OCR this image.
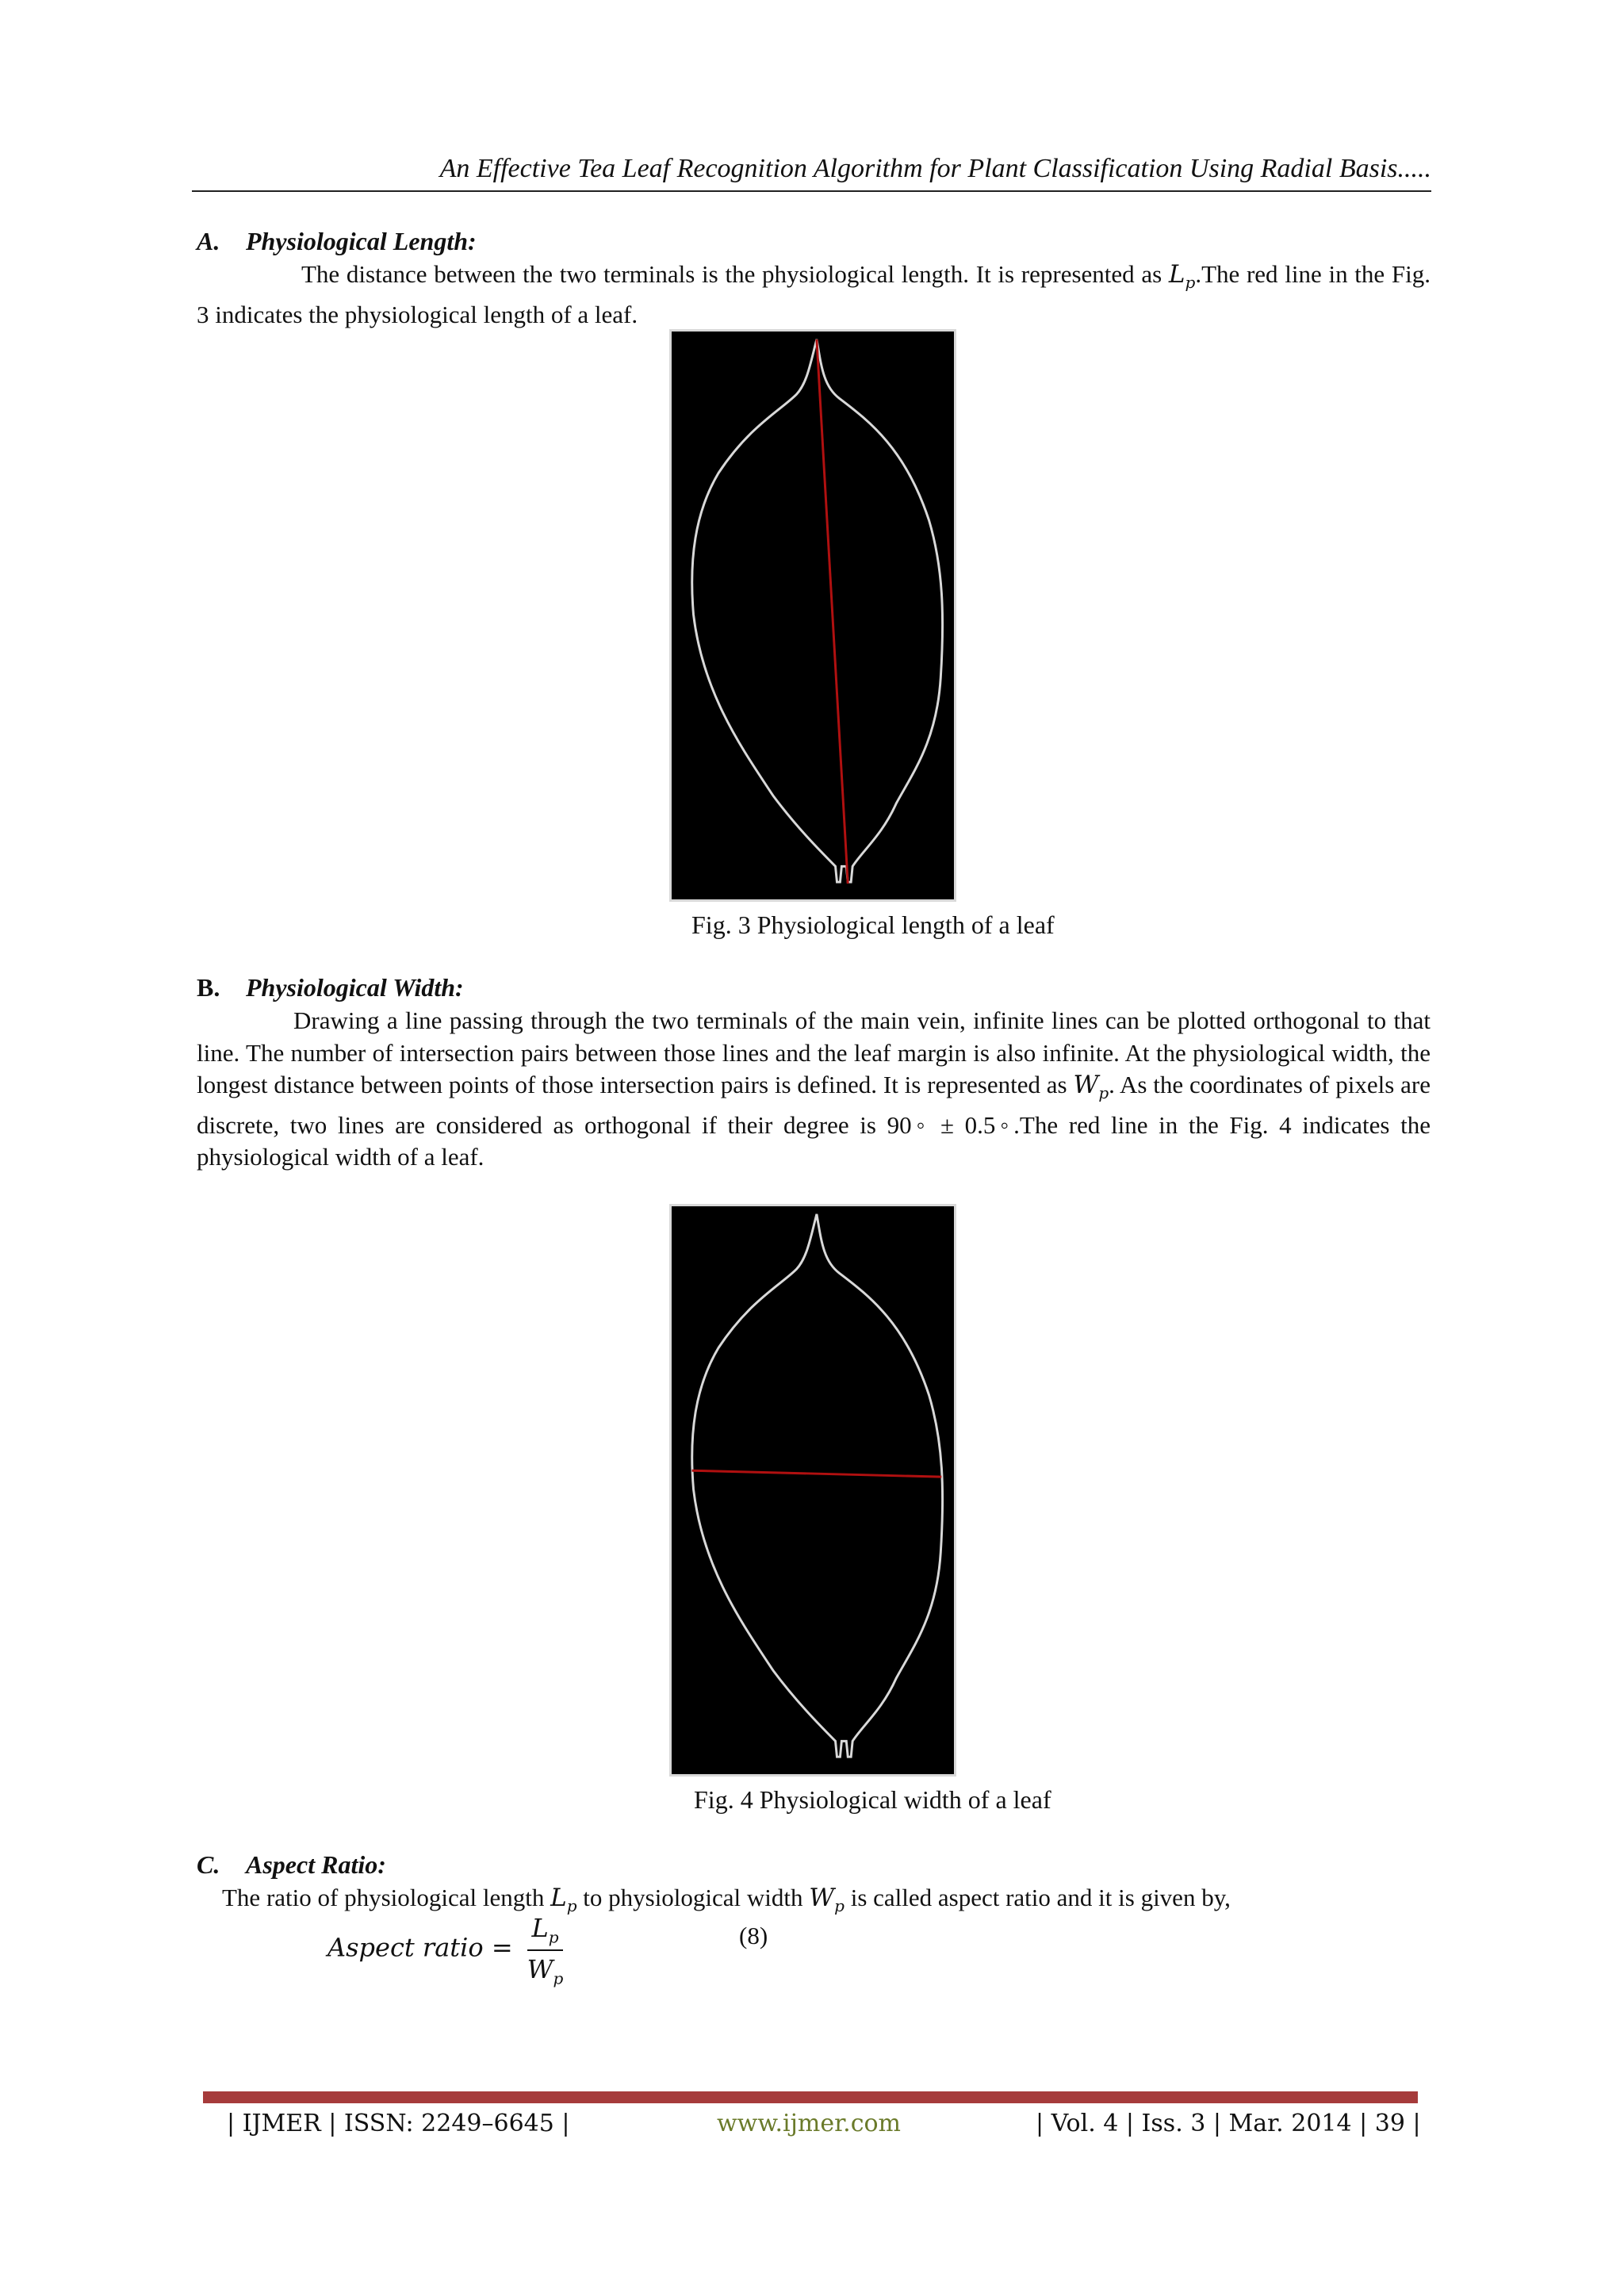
An Effective Tea Leaf Recognition Algorithm for Plant Classification Using Radial Basis.....
A. Physiological Length:
The distance between the two terminals is the physiological length. It is represented as $L_p.The$ red line in the Fig. 3 indicates the physiological length of a leaf.
Fig. 3 Physiological length of a leaf
B. Physiological Width:
Drawing a line passing through the two terminals of the main vein, infinite lines can be plotted orthogonal to that line. The number of intersection pairs between those lines and the leaf margin is also infinite. At the physiological width, the longest distance between points of those intersection pairs is defined. It is represented as $W_p$. As the coordinates of pixels are discrete, two lines are considered as orthogonal if their degree is 90◦ ± 0.5◦.The red line in the Fig. 4 indicates the physiological width of a leaf.
Fig. 4 Physiological width of a leaf
C. Aspect Ratio:
The ratio of physiological length $L_p$ to physiological width $W_p$ is called aspect ratio and it is given by,
Aspect ratio = $\frac{L_p}{W_p}$	(8)
| IJMER | ISSN: 2249–6645 |	www.ijmer.com	| Vol. 4 | Iss. 3 | Mar. 2014 | 39 |
